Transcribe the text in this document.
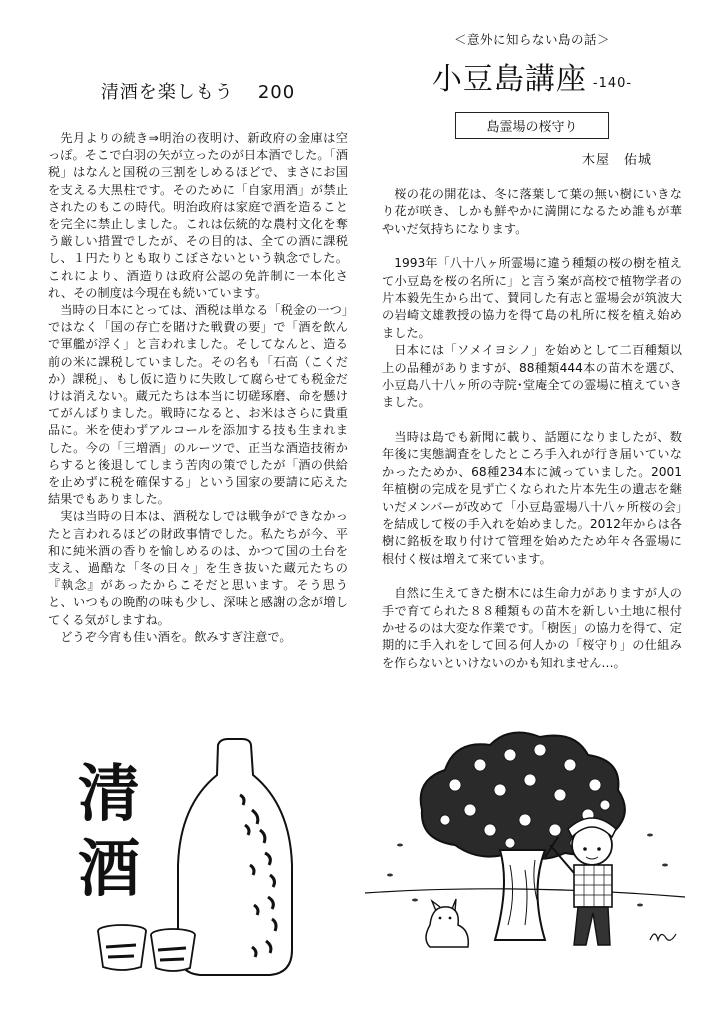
清酒を楽しもう 200

先月よりの続き⇒明治の夜明け、新政府の金庫は空っぽ。そこで白羽の矢が立ったのが日本酒でした。「酒税」はなんと国税の三割をしめるほどで、まさにお国を支える大黒柱です。そのために「自家用酒」が禁止されたのもこの時代。明治政府は家庭で酒を造ることを完全に禁止しました。これは伝統的な農村文化を奪う厳しい措置でしたが、その目的は、全ての酒に課税し、１円たりとも取りこぼさないという執念でした。これにより、酒造りは政府公認の免許制に一本化され、その制度は今現在も続いています。

当時の日本にとっては、酒税は単なる「税金の一つ」ではなく「国の存亡を賭けた戦費の要」で「酒を飲んで軍艦が浮く」と言われました。そしてなんと、造る前の米に課税していました。その名も「石高（こくだか）課税」、もし仮に造りに失敗して腐らせても税金だけは消えない。蔵元たちは本当に切磋琢磨、命を懸けてがんばりました。戦時になると、お米はさらに貴重品に。米を使わずアルコールを添加する技も生まれました。今の「三増酒」のルーツで、正当な酒造技術からすると後退してしまう苦肉の策でしたが「酒の供給を止めずに税を確保する」という国家の要請に応えた結果でもありました。

実は当時の日本は、酒税なしでは戦争ができなかったと言われるほどの財政事情でした。私たちが今、平和に純米酒の香りを愉しめるのは、かつて国の土台を支え、過酷な「冬の日々」を生き抜いた蔵元たちの『執念』があったからこそだと思います。そう思うと、いつもの晩酌の味も少し、深味と感謝の念が増してくる気がしますね。

どうぞ今宵も佳い酒を。飲みすぎ注意で。

清
酒
＜意外に知らない島の話＞
小豆島講座 -140-
島霊場の桜守り
木屋 佑城

桜の花の開花は、冬に落葉して葉の無い樹にいきなり花が咲き、しかも鮮やかに満開になるため誰もが華やいだ気持ちになります。

1993年「八十八ヶ所霊場に違う種類の桜の樹を植えて小豆島を桜の名所に」と言う案が高校で植物学者の片本毅先生から出て、賛同した有志と霊場会が筑波大の岩崎文雄教授の協力を得て島の札所に桜を植え始めました。

日本には「ソメイヨシノ」を始めとして二百種類以上の品種がありますが、88種類444本の苗木を選び、小豆島八十八ヶ所の寺院･堂庵全ての霊場に植えていきました。

当時は島でも新聞に載り、話題になりましたが、数年後に実態調査をしたところ手入れが行き届いていなかったためか、68種234本に減っていました。2001年植樹の完成を見ず亡くなられた片本先生の遺志を継いだメンバーが改めて「小豆島霊場八十八ヶ所桜の会」を結成して桜の手入れを始めました。2012年からは各樹に銘板を取り付けて管理を始めたため年々各霊場に根付く桜は増えて来ています。

自然に生えてきた樹木には生命力がありますが人の手で育てられた８８種類もの苗木を新しい土地に根付かせるのは大変な作業です。「樹医」の協力を得て、定期的に手入れをして回る何人かの「桜守り」の仕組みを作らないといけないのかも知れません…。
